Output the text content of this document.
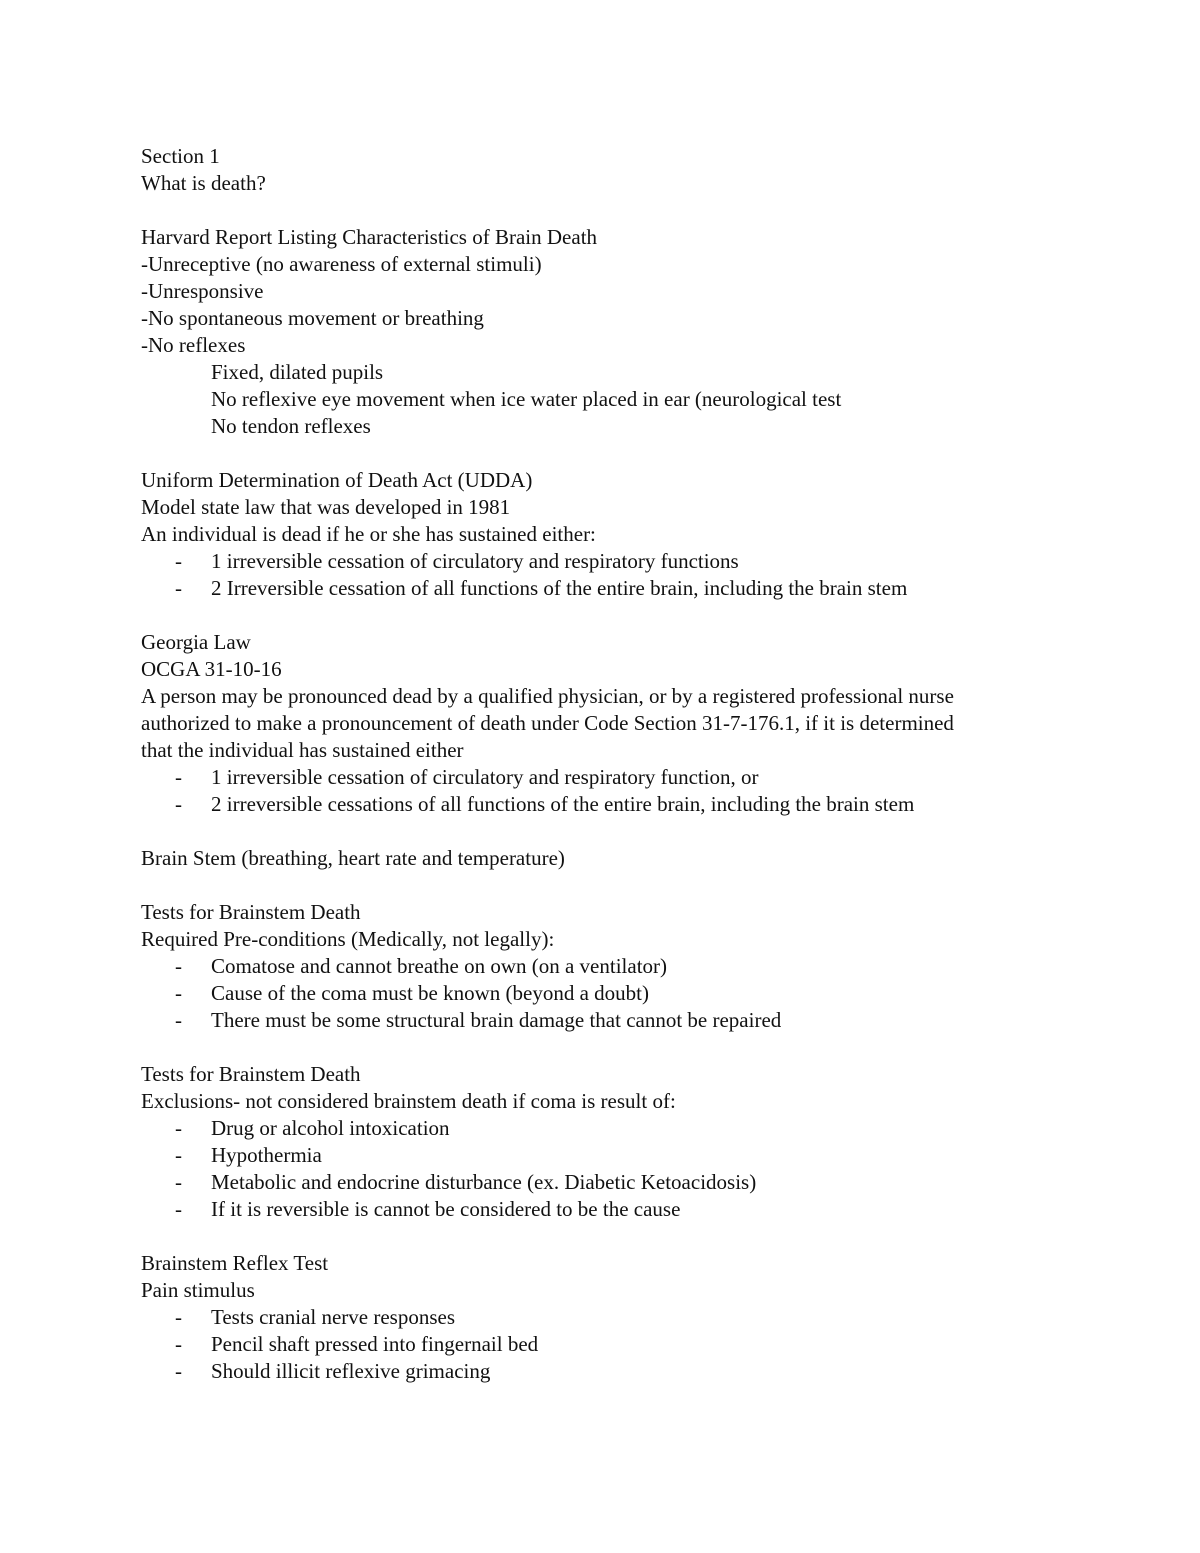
Section 1
What is death?
Harvard Report Listing Characteristics of Brain Death
-Unreceptive (no awareness of external stimuli)
-Unresponsive
-No spontaneous movement or breathing
-No reflexes
Fixed, dilated pupils
No reflexive eye movement when ice water placed in ear (neurological test
No tendon reflexes
Uniform Determination of Death Act (UDDA)
Model state law that was developed in 1981
An individual is dead if he or she has sustained either:
- 1 irreversible cessation of circulatory and respiratory functions
- 2 Irreversible cessation of all functions of the entire brain, including the brain stem
Georgia Law
OCGA 31-10-16
A person may be pronounced dead by a qualified physician, or by a registered professional nurse
authorized to make a pronouncement of death under Code Section 31-7-176.1, if it is determined
that the individual has sustained either
- 1 irreversible cessation of circulatory and respiratory function, or
- 2 irreversible cessations of all functions of the entire brain, including the brain stem
Brain Stem (breathing, heart rate and temperature)
Tests for Brainstem Death
Required Pre-conditions (Medically, not legally):
- Comatose and cannot breathe on own (on a ventilator)
- Cause of the coma must be known (beyond a doubt)
- There must be some structural brain damage that cannot be repaired
Tests for Brainstem Death
Exclusions- not considered brainstem death if coma is result of:
- Drug or alcohol intoxication
- Hypothermia
- Metabolic and endocrine disturbance (ex. Diabetic Ketoacidosis)
- If it is reversible is cannot be considered to be the cause
Brainstem Reflex Test
Pain stimulus
- Tests cranial nerve responses
- Pencil shaft pressed into fingernail bed
- Should illicit reflexive grimacing
